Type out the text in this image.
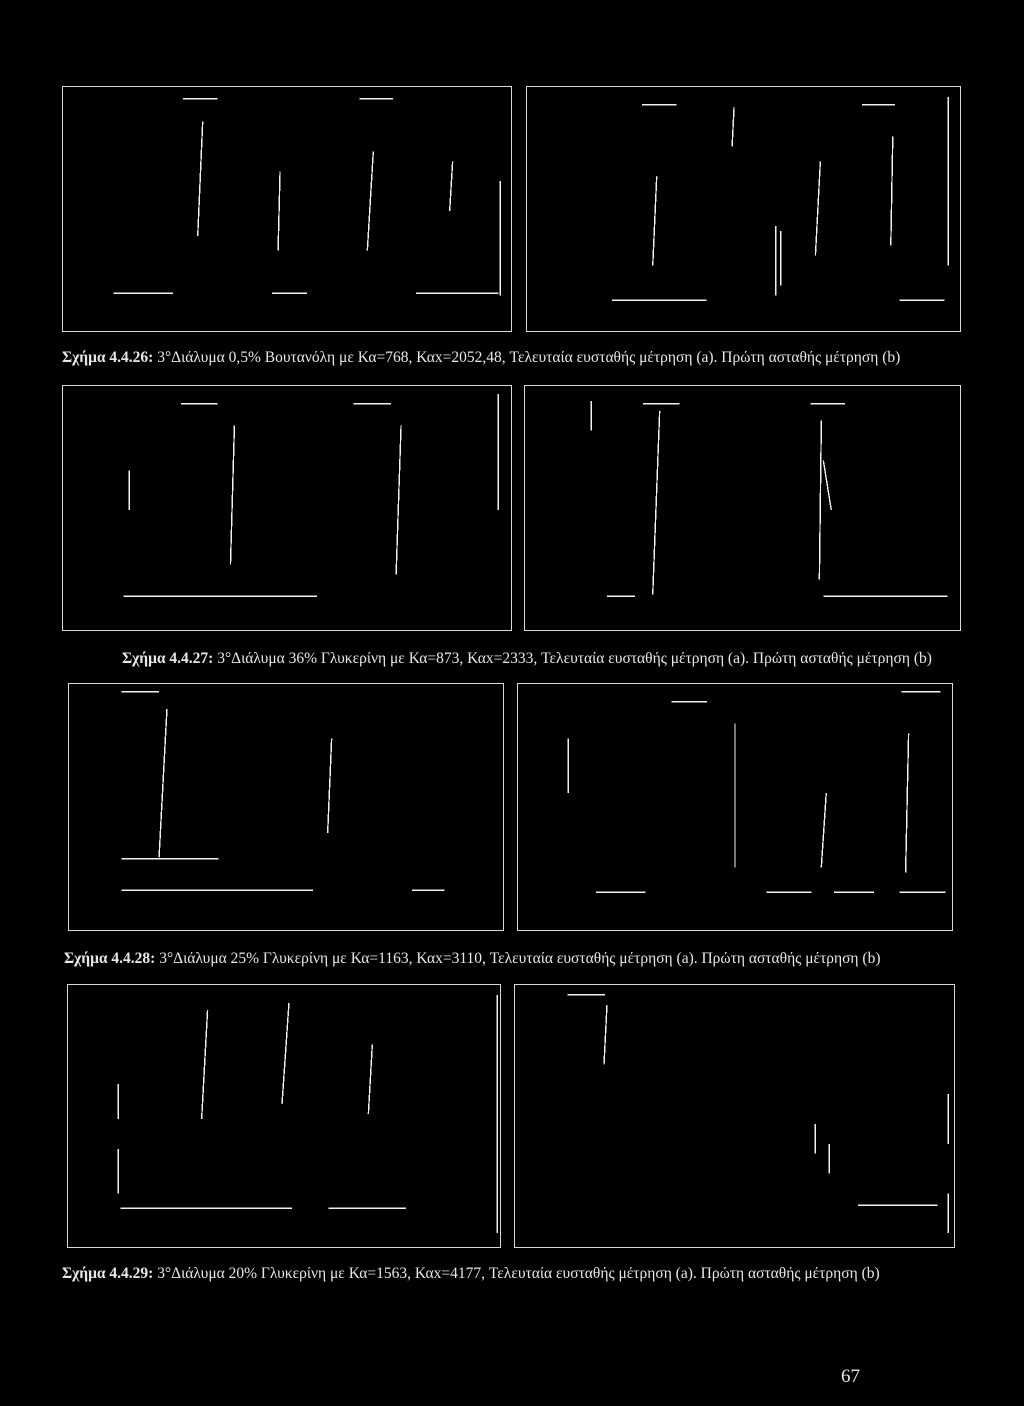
Σχήμα 4.4.26: 3°Διάλυμα 0,5% Βουτανόλη με Κα=768, Καx=2052,48, Τελευταία ευσταθής μέτρηση (a). Πρώτη ασταθής μέτρηση (b)
Σχήμα 4.4.27: 3°Διάλυμα 36% Γλυκερίνη με Κα=873, Καx=2333, Τελευταία ευσταθής μέτρηση (a). Πρώτη ασταθής μέτρηση (b)
Σχήμα 4.4.28: 3°Διάλυμα 25% Γλυκερίνη με Κα=1163, Καx=3110, Τελευταία ευσταθής μέτρηση (a). Πρώτη ασταθής μέτρηση (b)
Σχήμα 4.4.29: 3°Διάλυμα 20% Γλυκερίνη με Κα=1563, Καx=4177, Τελευταία ευσταθής μέτρηση (a). Πρώτη ασταθής μέτρηση (b)
67
